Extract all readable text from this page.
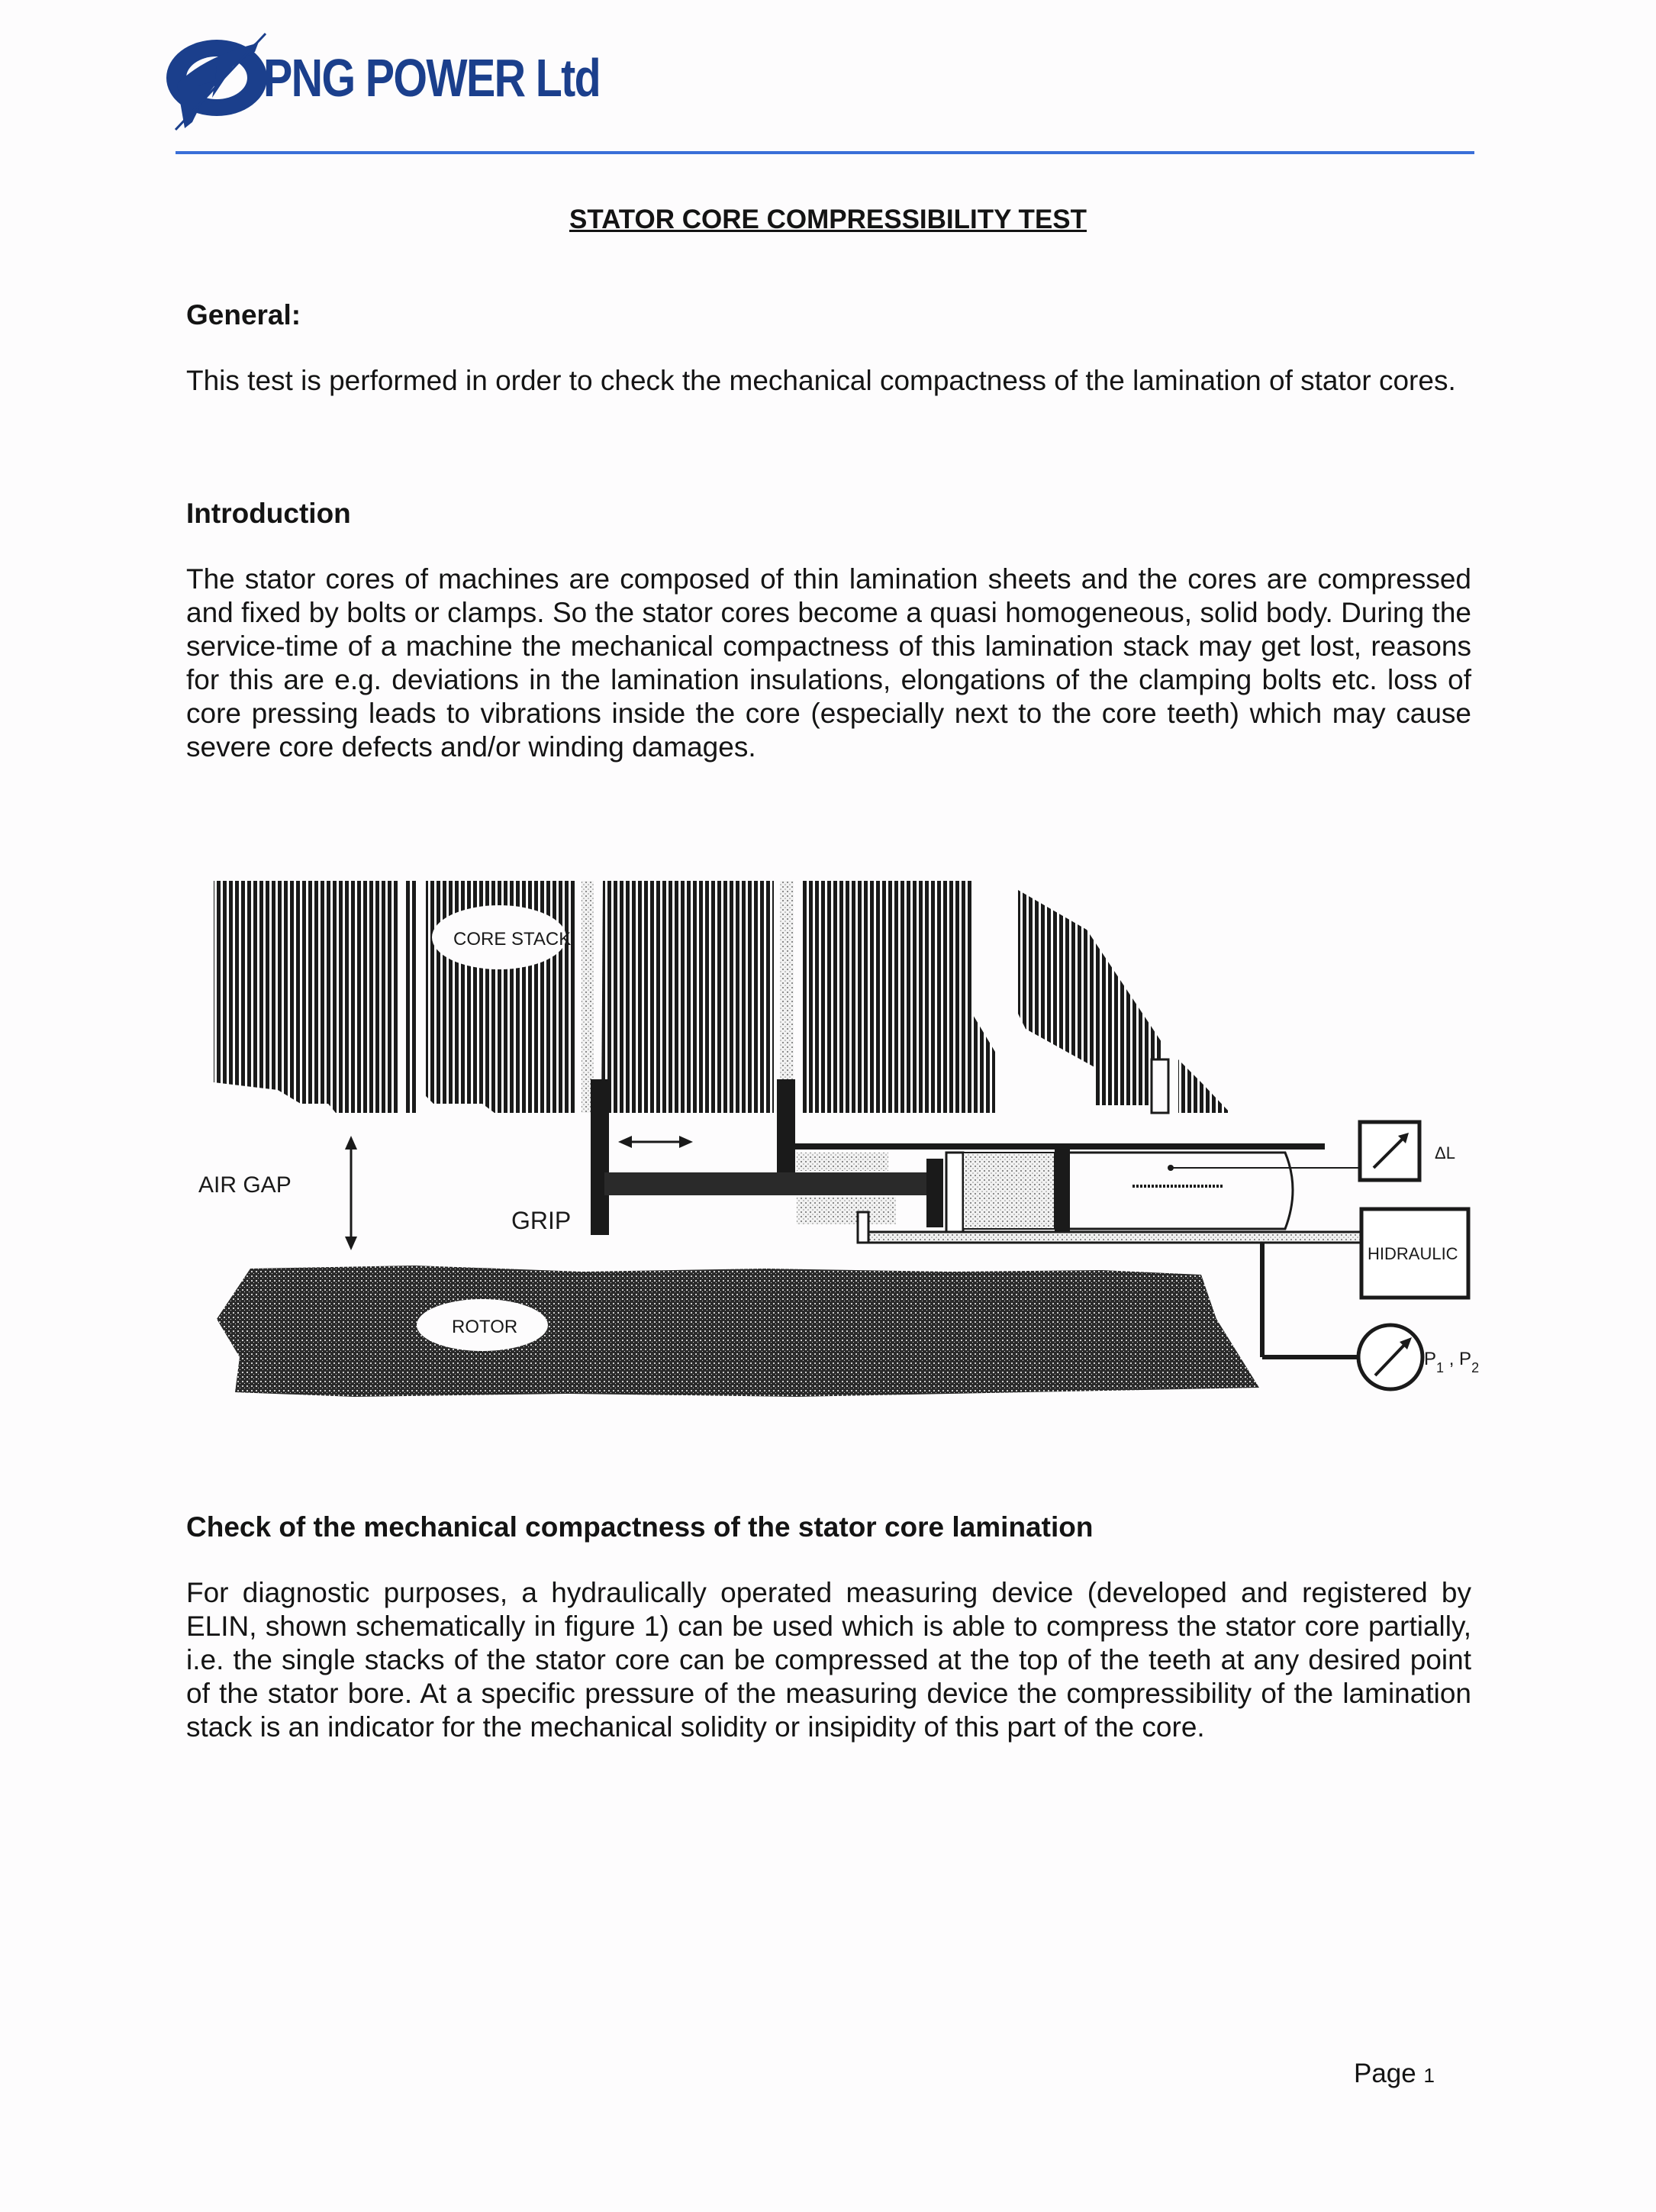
PNG POWER Ltd
STATOR CORE COMPRESSIBILITY TEST
General:
This test is performed in order to check the mechanical compactness of the lamination of stator cores.
Introduction
The stator cores of machines are composed of thin lamination sheets and the cores are compressed and fixed by bolts or clamps. So the stator cores become a quasi homogeneous, solid body. During the service-time of a machine the mechanical compactness of this lamination stack may get lost, reasons for this are e.g. deviations in the lamination insulations, elongations of the clamping bolts etc. loss of core pressing leads to vibrations inside the core (especially next to the core teeth) which may cause severe core defects and/or winding damages.
CORE STACK
AIR GAP
GRIP
ΔL
HIDRAULIC
$P_1$ , $P_2$
ROTOR
Check of the mechanical compactness of the stator core lamination
For diagnostic purposes, a hydraulically operated measuring device (developed and registered by ELIN, shown schematically in figure 1) can be used which is able to compress the stator core partially, i.e. the single stacks of the stator core can be compressed at the top of the teeth at any desired point of the stator bore. At a specific pressure of the measuring device the compressibility of the lamination stack is an indicator for the mechanical solidity or insipidity of this part of the core.
Page 1
